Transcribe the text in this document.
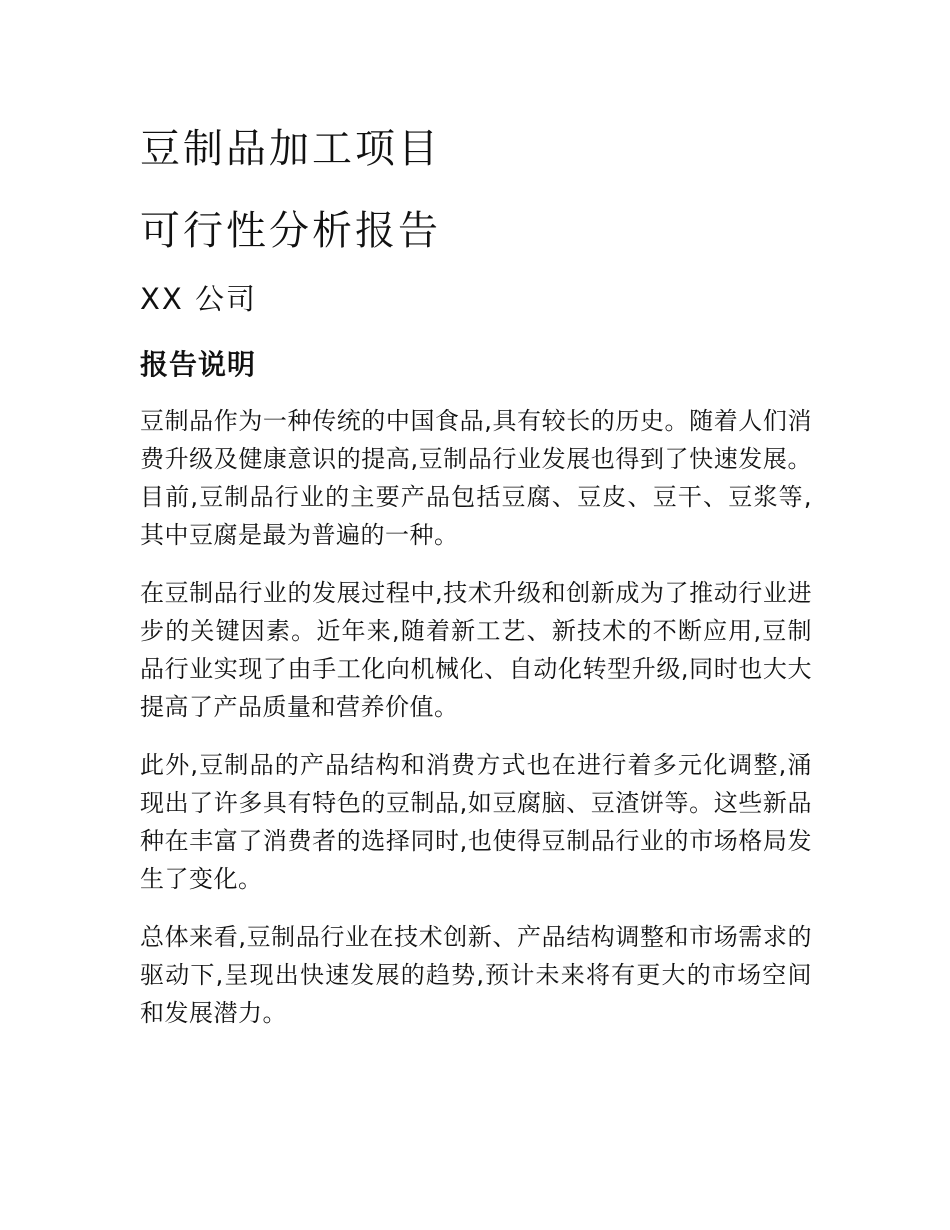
豆制品加工项目
可行性分析报告
XX 公司
报告说明

豆制品作为一种传统的中国食品,具有较长的历史。随着人们消费升级及健康意识的提高,豆制品行业发展也得到了快速发展。目前,豆制品行业的主要产品包括豆腐、豆皮、豆干、豆浆等,其中豆腐是最为普遍的一种。

在豆制品行业的发展过程中,技术升级和创新成为了推动行业进步的关键因素。近年来,随着新工艺、新技术的不断应用,豆制品行业实现了由手工化向机械化、自动化转型升级,同时也大大提高了产品质量和营养价值。

此外,豆制品的产品结构和消费方式也在进行着多元化调整,涌现出了许多具有特色的豆制品,如豆腐脑、豆渣饼等。这些新品种在丰富了消费者的选择同时,也使得豆制品行业的市场格局发生了变化。

总体来看,豆制品行业在技术创新、产品结构调整和市场需求的驱动下,呈现出快速发展的趋势,预计未来将有更大的市场空间和发展潜力。
